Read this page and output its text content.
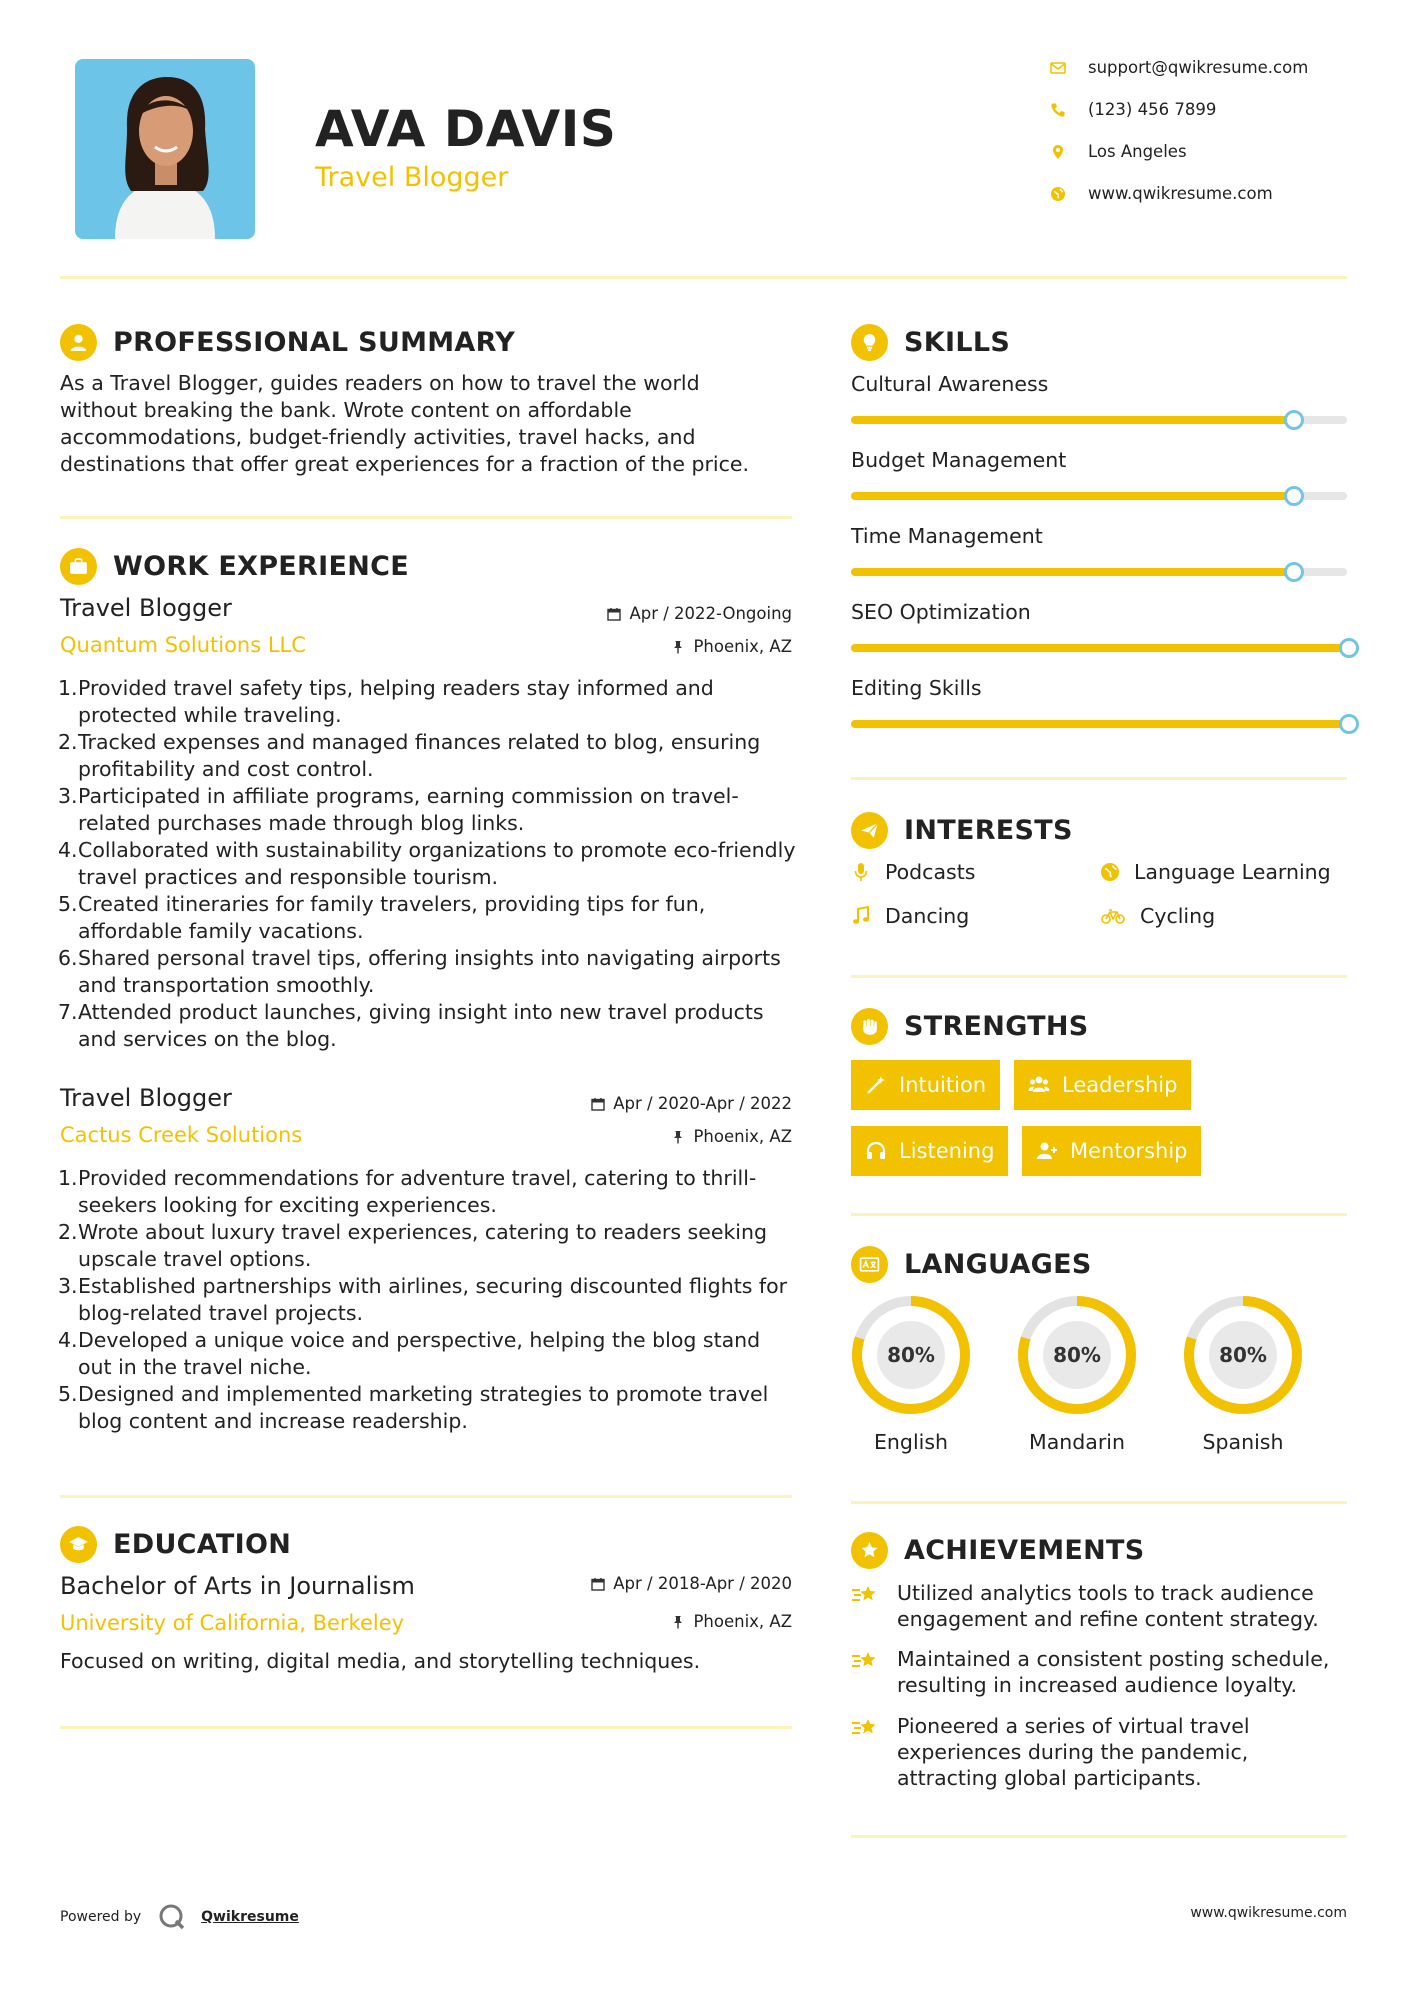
AVA DAVIS
Travel Blogger
support@qwikresume.com
(123) 456 7899
Los Angeles
www.qwikresume.com
PROFESSIONAL SUMMARY
As a Travel Blogger, guides readers on how to travel the world without breaking the bank. Wrote content on affordable accommodations, budget-friendly activities, travel hacks, and destinations that offer great experiences for a fraction of the price.
WORK EXPERIENCE
Travel Blogger
Quantum Solutions LLC
Apr / 2022-Ongoing
Phoenix, AZ
1. Provided travel safety tips, helping readers stay informed and protected while traveling.
2. Tracked expenses and managed finances related to blog, ensuring profitability and cost control.
3. Participated in affiliate programs, earning commission on travel-related purchases made through blog links.
4. Collaborated with sustainability organizations to promote eco-friendly travel practices and responsible tourism.
5. Created itineraries for family travelers, providing tips for fun, affordable family vacations.
6. Shared personal travel tips, offering insights into navigating airports and transportation smoothly.
7. Attended product launches, giving insight into new travel products and services on the blog.
Travel Blogger
Cactus Creek Solutions
Apr / 2020-Apr / 2022
Phoenix, AZ
1. Provided recommendations for adventure travel, catering to thrill-seekers looking for exciting experiences.
2. Wrote about luxury travel experiences, catering to readers seeking upscale travel options.
3. Established partnerships with airlines, securing discounted flights for blog-related travel projects.
4. Developed a unique voice and perspective, helping the blog stand out in the travel niche.
5. Designed and implemented marketing strategies to promote travel blog content and increase readership.
EDUCATION
Bachelor of Arts in Journalism
University of California, Berkeley
Apr / 2018-Apr / 2020
Phoenix, AZ
Focused on writing, digital media, and storytelling techniques.
SKILLS
Cultural Awareness
Budget Management
Time Management
SEO Optimization
Editing Skills
INTERESTS
Podcasts	Language Learning
Dancing	Cycling
STRENGTHS
Intuition	Leadership
Listening	Mentorship
LANGUAGES
80%
English
80%
Mandarin
80%
Spanish
ACHIEVEMENTS
Utilized analytics tools to track audience engagement and refine content strategy.
Maintained a consistent posting schedule, resulting in increased audience loyalty.
Pioneered a series of virtual travel experiences during the pandemic, attracting global participants.
Powered by	Qwikresume	www.qwikresume.com
